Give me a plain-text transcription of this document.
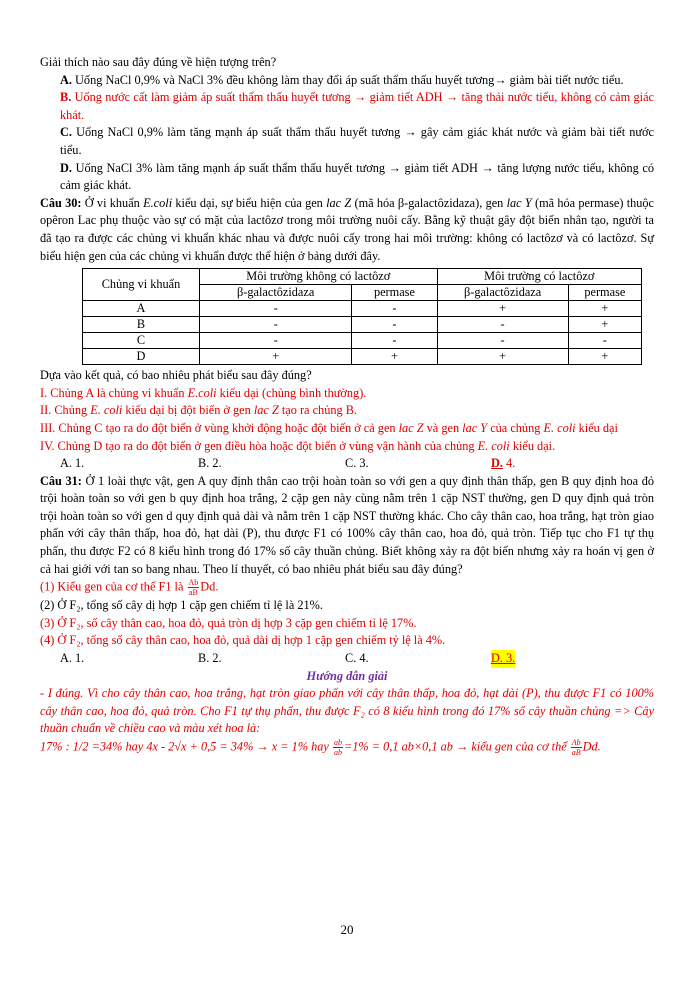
Giải thích nào sau đây đúng về hiện tượng trên?

A. Uống NaCl 0,9% và NaCl 3% đều không làm thay đổi áp suất thẩm thấu huyết tương→ giảm bài tiết nước tiểu.

B. Uống nước cất làm giảm áp suất thẩm thấu huyết tương → giảm tiết ADH → tăng thải nước tiểu, không có cảm giác khát.

C. Uống NaCl 0,9% làm tăng mạnh áp suất thẩm thấu huyết tương → gây cảm giác khát nước và giảm bài tiết nước tiểu.

D. Uống NaCl 3% làm tăng mạnh áp suất thẩm thấu huyết tương → giảm tiết ADH → tăng lượng nước tiểu, không có cảm giác khát.

Câu 30: Ở vi khuẩn E.coli kiểu dại, sự biểu hiện của gen lac Z (mã hóa β-galactôzidaza), gen lac Y (mã hóa permase) thuộc opêron Lac phụ thuộc vào sự có mặt của lactôzơ trong môi trường nuôi cấy. Bằng kỹ thuật gây đột biến nhân tạo, người ta đã tạo ra được các chủng vi khuẩn khác nhau và được nuôi cấy trong hai môi trường: không có lactôzơ và có lactôzơ. Sự biểu hiện gen của các chủng vi khuẩn được thể hiện ở bảng dưới đây.

Chủng vi khuẩn	Môi trường không có lactôzơ		Môi trường có lactôzơ	
	β-galactôzidaza	permase	β-galactôzidaza	permase
A	-	-	+	+
B	-	-	-	+
C	-	-	-	-
D	+	+	+	+

Dựa vào kết quả, có bao nhiêu phát biểu sau đây đúng?

I. Chủng A là chủng vi khuẩn E.coli kiểu dại (chủng bình thường).

II. Chủng E. coli kiểu dại bị đột biến ở gen lac Z tạo ra chủng B.

III. Chủng C tạo ra do đột biến ở vùng khởi động hoặc đột biến ở cả gen lac Z và gen lac Y của chủng E. coli kiểu dại

IV. Chủng D tạo ra do đột biến ở gen điều hòa hoặc đột biến ở vùng vận hành của chủng E. coli kiểu dại.

A. 1.	B. 2.	C. 3.	D. 4.

Câu 31: Ở 1 loài thực vật, gen A quy định thân cao trội hoàn toàn so với gen a quy định thân thấp, gen B quy định hoa đỏ trội hoàn toàn so với gen b quy định hoa trắng, 2 cặp gen này cùng nằm trên 1 cặp NST thường, gen D quy định quả tròn trội hoàn toàn so với gen d quy định quả dài và nằm trên 1 cặp NST thường khác. Cho cây thân cao, hoa trắng, hạt tròn giao phấn với cây thân thấp, hoa đỏ, hạt dài (P), thu được F1 có 100% cây thân cao, hoa đỏ, quả tròn. Tiếp tục cho F1 tự thụ phấn, thu được F2 có 8 kiểu hình trong đó 17% số cây thuần chủng. Biết không xảy ra đột biến nhưng xảy ra hoán vị gen ở cả hai giới với tan so bang nhau. Theo lí thuyết, có bao nhiêu phát biểu sau đây đúng?

(1) Kiểu gen của cơ thể F1 là $\frac{Ab}{aB} Dd$.

(2) Ở F₂, tổng số cây dị hợp 1 cặp gen chiếm tỉ lệ là 21%.

(3) Ở F₂, số cây thân cao, hoa đỏ, quả tròn dị hợp 3 cặp gen chiếm tỉ lệ 17%.

(4) Ở F₂, tổng số cây thân cao, hoa đỏ, quả dài dị hợp 1 cặp gen chiếm tỷ lệ là 4%.

A. 1.	B. 2.	C. 4.	D. 3.

Hướng dẫn giải

- I đúng. Vì cho cây thân cao, hoa trắng, hạt tròn giao phấn với cây thân thấp, hoa đỏ, hạt dài (P), thu được F1 có 100% cây thân cao, hoa đỏ, quả tròn. Cho F1 tự thụ phấn, thu được F₂ có 8 kiểu hình trong đó 17% số cây thuần chủng => Cây thuần chuẩn về chiều cao và màu xét hoa là:

17% : 1/2 =34% hay 4x - 2√x + 0,5 = 34% → x = 1% hay $\frac{ab}{ab} =1\% = 0,1$ ab×0,1 ab → kiểu gen của cơ thể $\frac{Ab}{aB} Dd$.

20
